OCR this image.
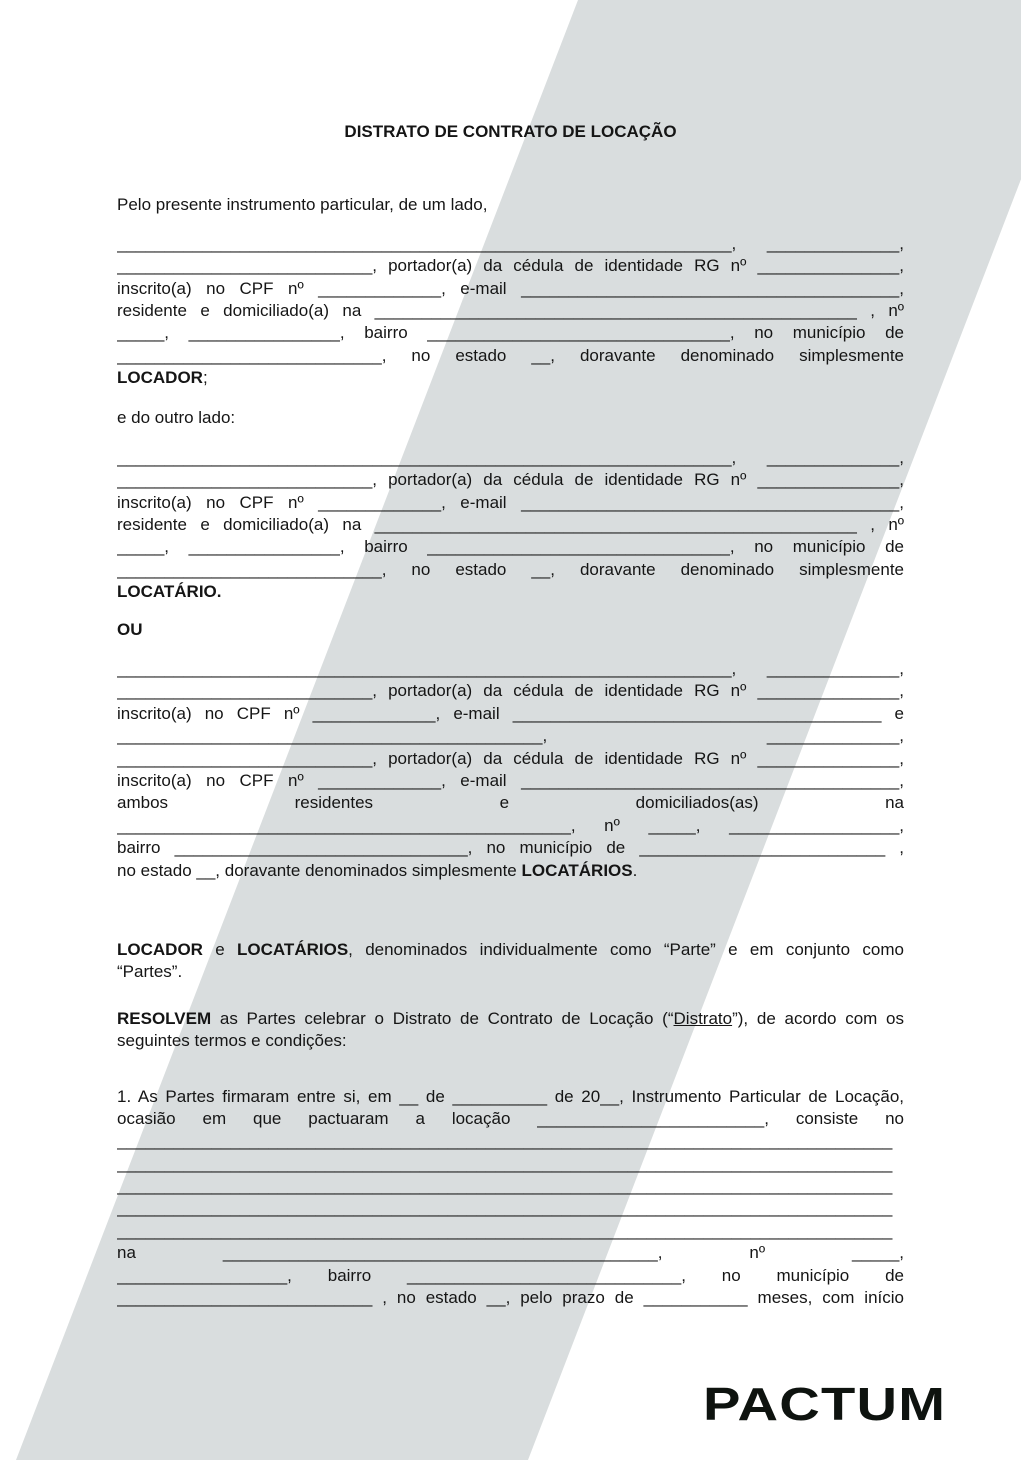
DISTRATO DE CONTRATO DE LOCAÇÃO
Pelo presente instrumento particular, de um lado,
_________________________________________________________________, ______________,
___________________________, portador(a) da cédula de identidade RG nº _______________,
inscrito(a) no CPF nº _____________, e-mail ________________________________________,
residente e domiciliado(a) na ___________________________________________________ , nº
_____, ________________, bairro ________________________________, no município de
____________________________, no estado __, doravante denominado simplesmente
LOCADOR;
e do outro lado:
_________________________________________________________________, ______________,
___________________________, portador(a) da cédula de identidade RG nº _______________,
inscrito(a) no CPF nº _____________, e-mail ________________________________________,
residente e domiciliado(a) na ___________________________________________________ , nº
_____, ________________, bairro ________________________________, no município de
____________________________, no estado __, doravante denominado simplesmente
LOCATÁRIO.
OU
_________________________________________________________________, ______________,
___________________________, portador(a) da cédula de identidade RG nº _______________,
inscrito(a) no CPF nº _____________, e-mail _______________________________________ e
_____________________________________________, ______________,
___________________________, portador(a) da cédula de identidade RG nº _______________,
inscrito(a) no CPF nº _____________, e-mail ________________________________________,
ambos residentes e domiciliados(as) na
________________________________________________, nº _____, __________________,
bairro _______________________________, no município de __________________________ ,
no estado __, doravante denominados simplesmente LOCATÁRIOS.
LOCADOR e LOCATÁRIOS, denominados individualmente como “Parte” e em conjunto como
“Partes”.
RESOLVEM as Partes celebrar o Distrato de Contrato de Locação (“Distrato”), de acordo com os
seguintes termos e condições:
1. As Partes firmaram entre si, em __ de __________ de 20__, Instrumento Particular de Locação,
ocasião em que pactuaram a locação ________________________, consiste no
__________________________________________________________________________________
__________________________________________________________________________________
__________________________________________________________________________________
__________________________________________________________________________________
__________________________________________________________________________________
na ______________________________________________, nº _____,
__________________, bairro _____________________________, no município de
___________________________ , no estado __, pelo prazo de ___________ meses, com início
PACTUM
